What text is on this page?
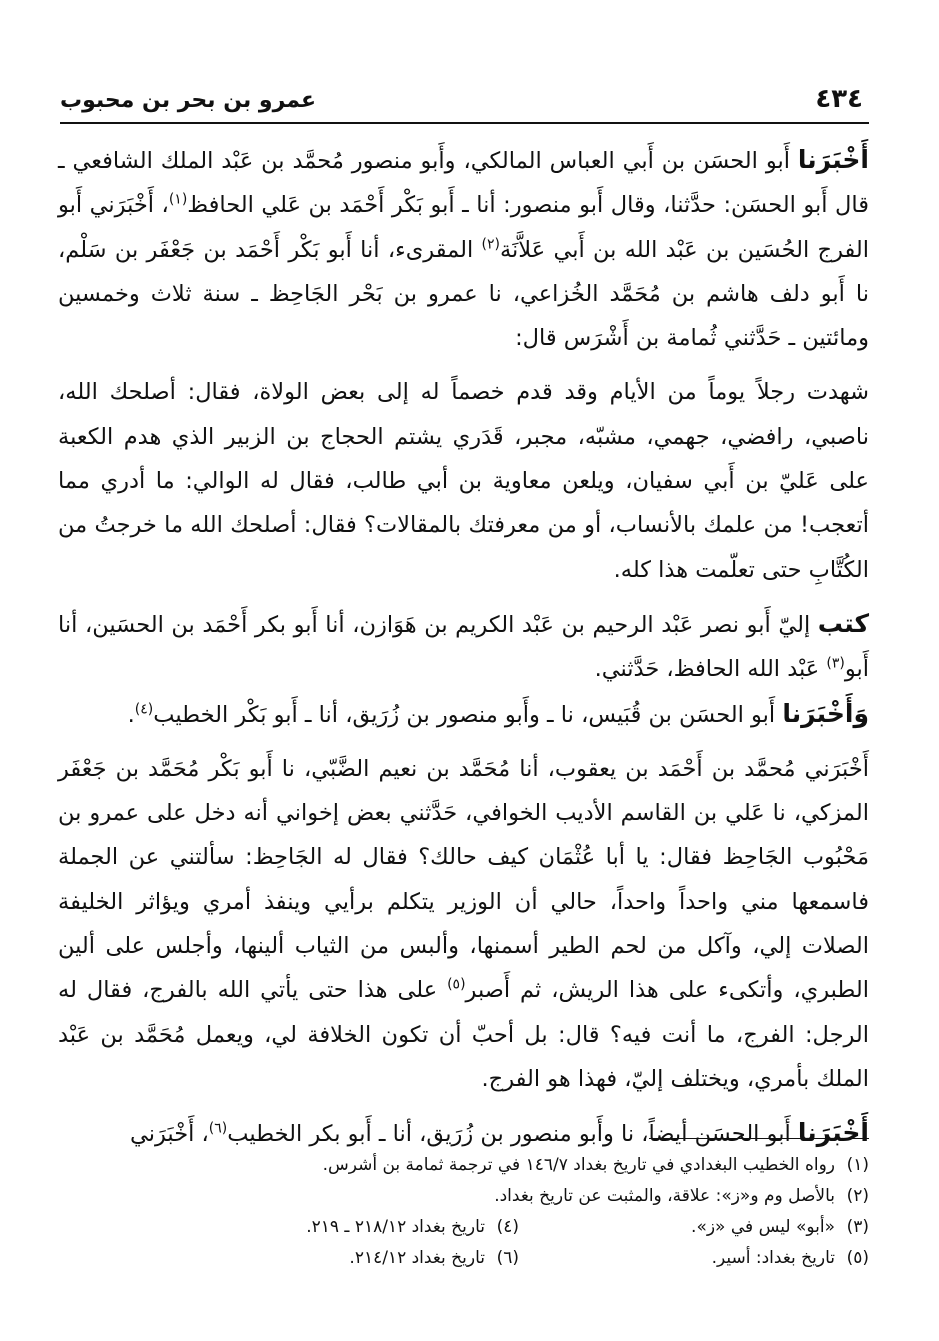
٤٣٤
عمرو بن بحر بن محبوب

أَخْبَرَنا أَبو الحسَن بن أَبي العباس المالكي، وأَبو منصور مُحمَّد بن عَبْد الملك الشافعي ـ قال أَبو الحسَن: حدَّثنا، وقال أَبو منصور: أنا ـ أَبو بَكْر أَحْمَد بن عَلي الحافظ$^{(١)}$، أَخْبَرَني أَبو الفرج الحُسَين بن عَبْد الله بن أَبي عَلاَّنَة$^{(٢)}$ المقرىء، أنا أَبو بَكْر أَحْمَد بن جَعْفَر بن سَلْم، نا أَبو دلف هاشم بن مُحَمَّد الخُزاعي، نا عمرو بن بَحْر الجَاحِظ ـ سنة ثلاث وخمسين ومائتين ـ حَدَّثني ثُمامة بن أَشْرَس قال:

شهدت رجلاً يوماً من الأيام وقد قدم خصماً له إلى بعض الولاة، فقال: أصلحك الله، ناصبي، رافضي، جهمي، مشبّه، مجبر، قَدَري يشتم الحجاج بن الزبير الذي هدم الكعبة على عَليّ بن أَبي سفيان، ويلعن معاوية بن أبي طالب، فقال له الوالي: ما أدري مما أتعجب! من علمك بالأنساب، أو من معرفتك بالمقالات؟ فقال: أصلحك الله ما خرجتُ من الكُتَّابِ حتى تعلّمت هذا كله.

كتب إليّ أَبو نصر عَبْد الرحيم بن عَبْد الكريم بن هَوَازن، أنا أَبو بكر أَحْمَد بن الحسَين، أنا أَبو$^{(٣)}$ عَبْد الله الحافظ، حَدَّثني.

وَأَخْبَرَنا أَبو الحسَن بن قُبَيس، نا ـ وأَبو منصور بن زُرَيق، أنا ـ أَبو بَكْر الخطيب$^{(٤)}$.

أَخْبَرَني مُحمَّد بن أَحْمَد بن يعقوب، أنا مُحَمَّد بن نعيم الضَّبّي، نا أَبو بَكْر مُحَمَّد بن جَعْفَر المزكي، نا عَلي بن القاسم الأديب الخوافي، حَدَّثني بعض إخواني أنه دخل على عمرو بن مَحْبُوب الجَاحِظ فقال: يا أبا عُثْمَان كيف حالك؟ فقال له الجَاحِظ: سألتني عن الجملة فاسمعها مني واحداً واحداً، حالي أن الوزير يتكلم برأيي وينفذ أمري ويؤاثر الخليفة الصلات إلي، وآكل من لحم الطير أسمنها، وألبس من الثياب ألينها، وأجلس على ألين الطبري، وأتكىء على هذا الريش، ثم أَصبر$^{(٥)}$ على هذا حتى يأتي الله بالفرج، فقال له الرجل: الفرج، ما أنت فيه؟ قال: بل أحبّ أن تكون الخلافة لي، ويعمل مُحَمَّد بن عَبْد الملك بأمري، ويختلف إليّ، فهذا هو الفرج.

أَخْبَرَنا أَبو الحسَن أيضاً، نا وأَبو منصور بن زُرَيق، أنا ـ أَبو بكر الخطيب$^{(٦)}$، أَخْبَرَني

(١)رواه الخطيب البغدادي في تاريخ بغداد ١٤٦/٧ في ترجمة ثمامة بن أشرس.
(٢)بالأصل وم و«ز»: علاقة، والمثبت عن تاريخ بغداد.
(٣)«أبو» ليس في «ز».
(٤)تاريخ بغداد ٢١٨/١٢ ـ ٢١٩.
(٥)تاريخ بغداد: أسير.
(٦)تاريخ بغداد ٢١٤/١٢.
